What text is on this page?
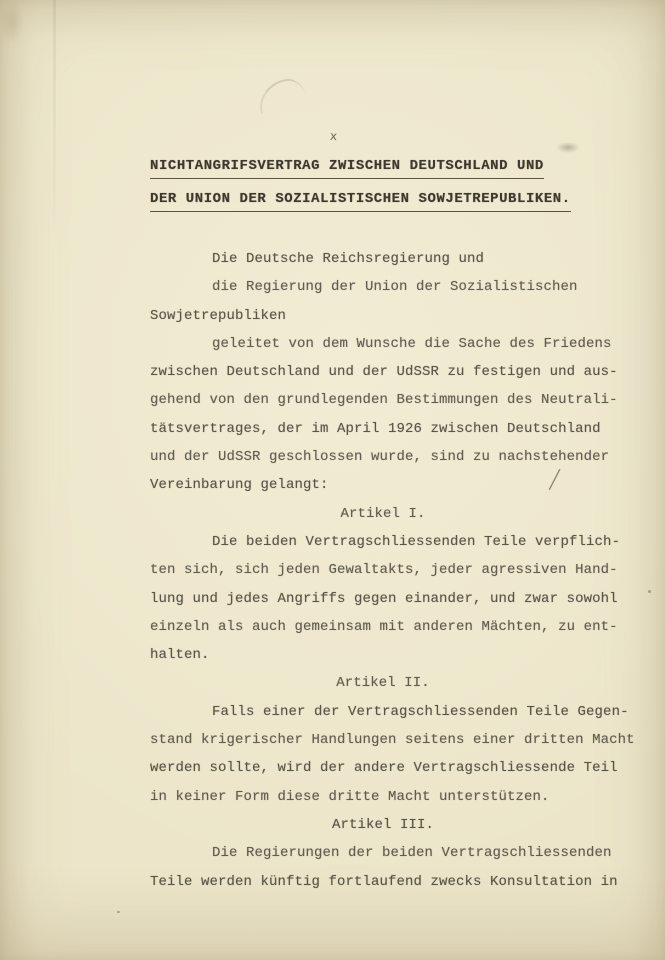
x
NICHTANGRIFSVERTRAG ZWISCHEN DEUTSCHLAND UND
DER UNION DER SOZIALISTISCHEN SOWJETREPUBLIKEN.
Die Deutsche Reichsregierung und
die Regierung der Union der Sozialistischen
Sowjetrepubliken
geleitet von dem Wunsche die Sache des Friedens
zwischen Deutschland und der UdSSR zu festigen und aus-
gehend von den grundlegenden Bestimmungen des Neutrali-
tätsvertrages, der im April 1926 zwischen Deutschland
und der UdSSR geschlossen wurde, sind zu nachstehender
Vereinbarung gelangt:
Artikel I.
Die beiden Vertragschliessenden Teile verpflich-
ten sich, sich jeden Gewaltakts, jeder agressiven Hand-
lung und jedes Angriffs gegen einander, und zwar sowohl
einzeln als auch gemeinsam mit anderen Mächten, zu ent-
halten.
Artikel II.
Falls einer der Vertragschliessenden Teile Gegen-
stand krigerischer Handlungen seitens einer dritten Macht
werden sollte, wird der andere Vertragschliessende Teil
in keiner Form diese dritte Macht unterstützen.
Artikel III.
Die Regierungen der beiden Vertragschliessenden
Teile werden künftig fortlaufend zwecks Konsultation in
/
